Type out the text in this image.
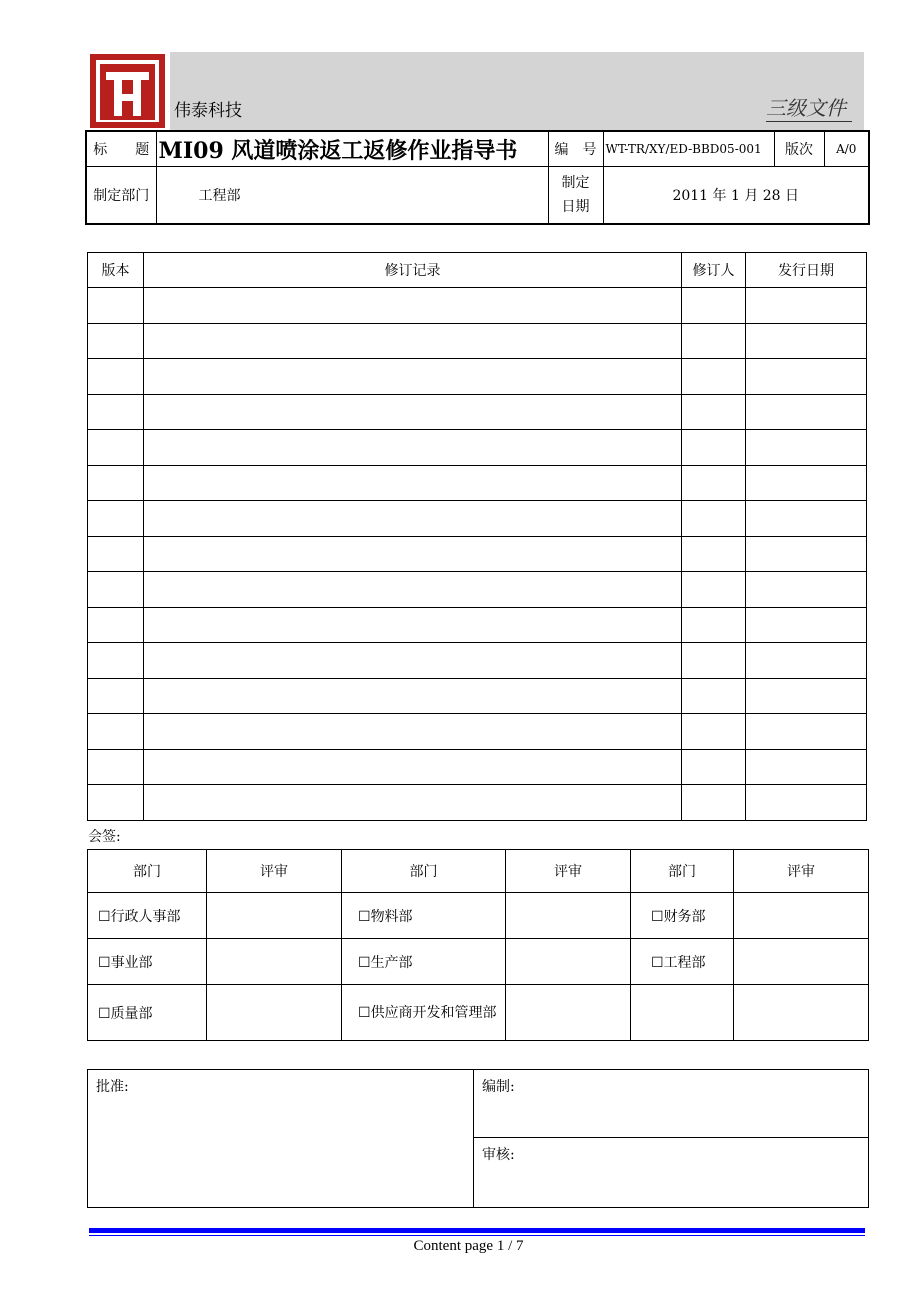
伟泰科技	三级文件
标　　题	MI09 风道喷涂返工返修作业指导书	编　号	WT-TR/XY/ED-BBD05-001	版次	A/0
制定部门	工程部	制定日期	2011 年 1 月 28 日		
版本	修订记录	修订人	发行日期

会签:
部门	评审	部门	评审	部门	评审
☐ 行政人事部		☐ 物料部		☐ 财务部	
☐ 事业部		☐ 生产部		☐ 工程部	
☐ 质量部		☐ 供应商开发和管理部			
批准:	编制:
审核:
Content page 1 / 7
